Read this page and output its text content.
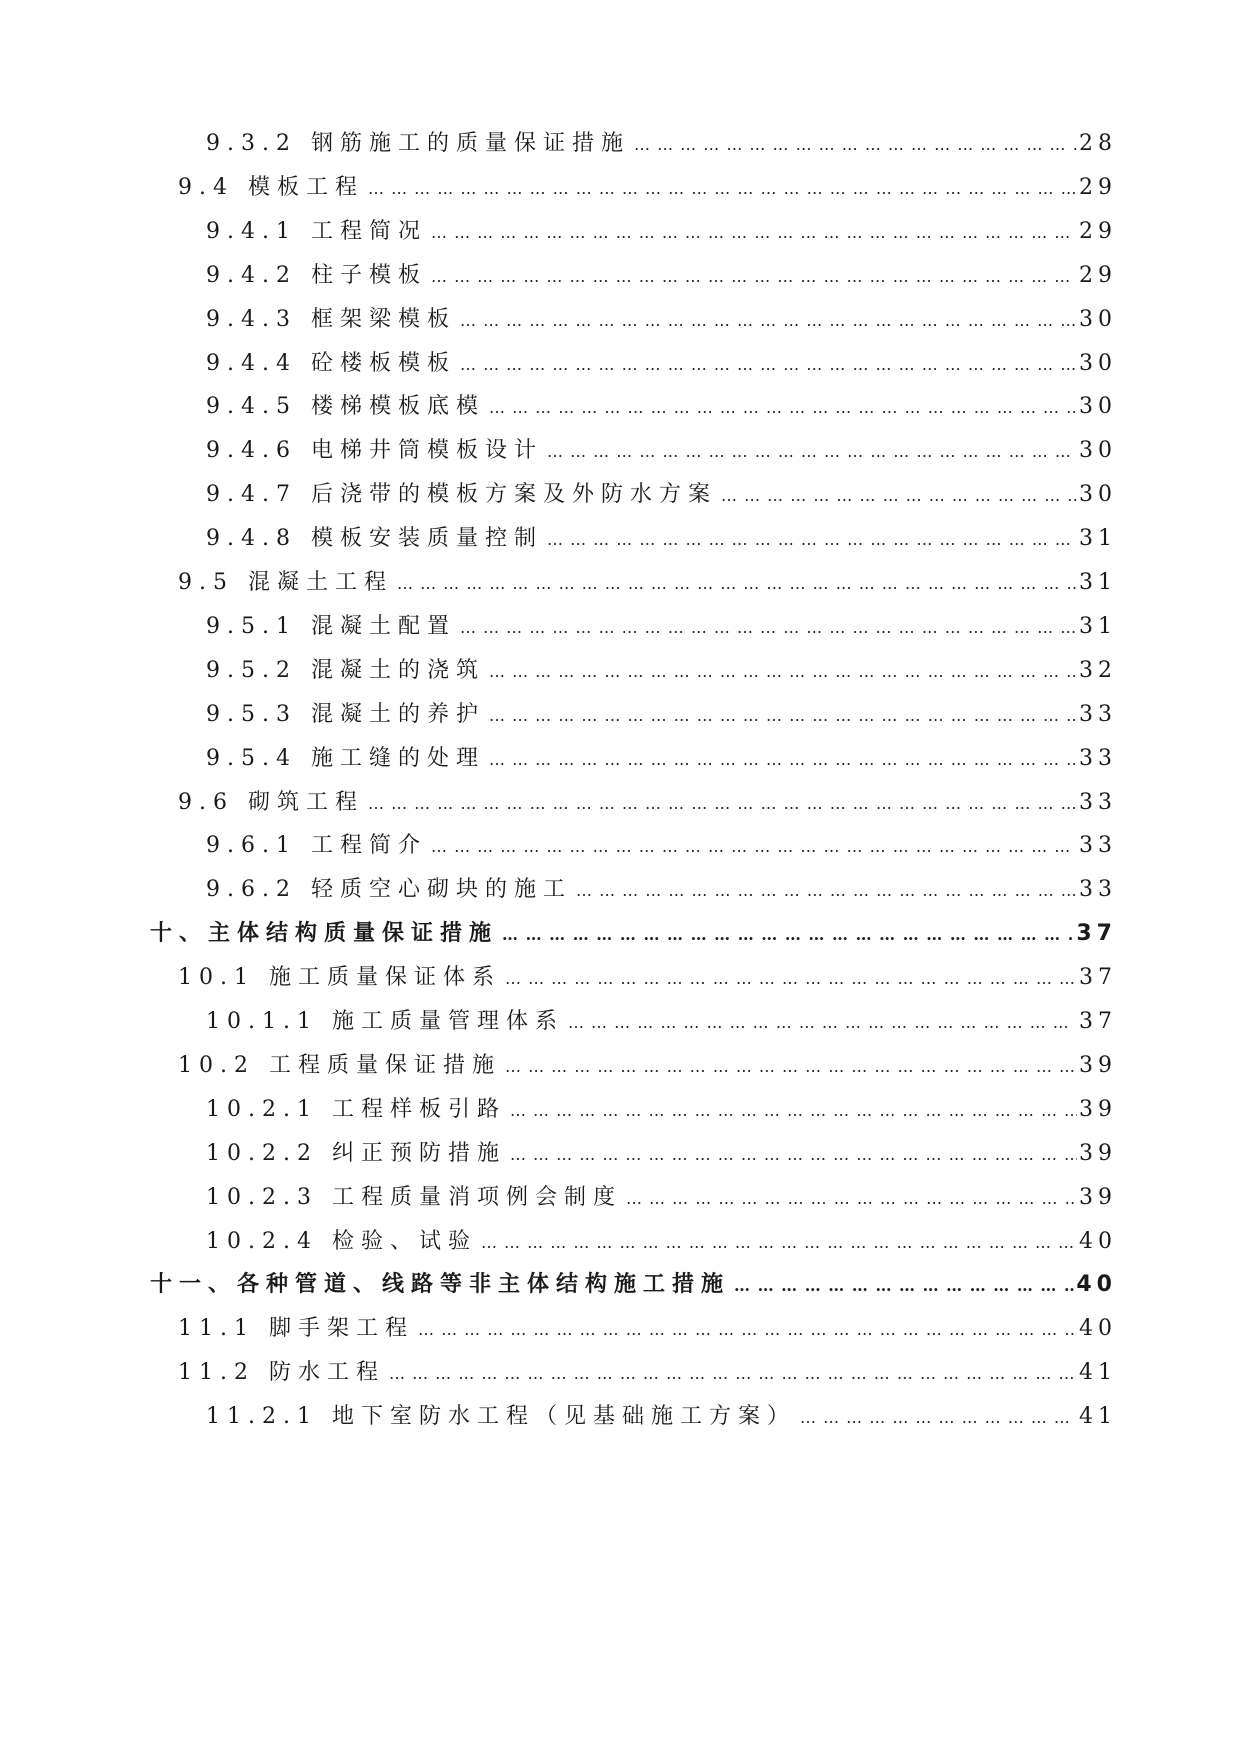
9.3.2 钢筋施工的质量保证措施 … … … … … … … … … … … … … … … … … … … … … … … … … … … … … … … … … … … … … … … … … … … … … … … … … … … … … … … … … … … … … … … … … … … … … … … … … … … … … … … …	28
9.4 模板工程 … … … … … … … … … … … … … … … … … … … … … … … … … … … … … … … … … … … … … … … … … … … … … … … … … … … … … … … … … … … … … … … … … … … … … … … … … … … … … … … …	29
9.4.1 工程简况 … … … … … … … … … … … … … … … … … … … … … … … … … … … … … … … … … … … … … … … … … … … … … … … … … … … … … … … … … … … … … … … … … … … … … … … … … … … … … … … …	29
9.4.2 柱子模板 … … … … … … … … … … … … … … … … … … … … … … … … … … … … … … … … … … … … … … … … … … … … … … … … … … … … … … … … … … … … … … … … … … … … … … … … … … … … … … … …	29
9.4.3 框架梁模板 … … … … … … … … … … … … … … … … … … … … … … … … … … … … … … … … … … … … … … … … … … … … … … … … … … … … … … … … … … … … … … … … … … … … … … … … … … … … … … … …	30
9.4.4 砼楼板模板 … … … … … … … … … … … … … … … … … … … … … … … … … … … … … … … … … … … … … … … … … … … … … … … … … … … … … … … … … … … … … … … … … … … … … … … … … … … … … … … …	30
9.4.5 楼梯模板底模 … … … … … … … … … … … … … … … … … … … … … … … … … … … … … … … … … … … … … … … … … … … … … … … … … … … … … … … … … … … … … … … … … … … … … … … … … … … … … … … …	30
9.4.6 电梯井筒模板设计 … … … … … … … … … … … … … … … … … … … … … … … … … … … … … … … … … … … … … … … … … … … … … … … … … … … … … … … … … … … … … … … … … … … … … … … … … … … … … … … …	30
9.4.7 后浇带的模板方案及外防水方案 … … … … … … … … … … … … … … … … … … … … … … … … … … … … … … … … … … … … … … … … … … … … … … … … … … … … … … … … … … … … … … … … … … … … … … … … … … … … … … … …	30
9.4.8 模板安装质量控制 … … … … … … … … … … … … … … … … … … … … … … … … … … … … … … … … … … … … … … … … … … … … … … … … … … … … … … … … … … … … … … … … … … … … … … … … … … … … … … … …	31
9.5 混凝土工程 … … … … … … … … … … … … … … … … … … … … … … … … … … … … … … … … … … … … … … … … … … … … … … … … … … … … … … … … … … … … … … … … … … … … … … … … … … … … … … … …	31
9.5.1 混凝土配置 … … … … … … … … … … … … … … … … … … … … … … … … … … … … … … … … … … … … … … … … … … … … … … … … … … … … … … … … … … … … … … … … … … … … … … … … … … … … … … … …	31
9.5.2 混凝土的浇筑 … … … … … … … … … … … … … … … … … … … … … … … … … … … … … … … … … … … … … … … … … … … … … … … … … … … … … … … … … … … … … … … … … … … … … … … … … … … … … … … …	32
9.5.3 混凝土的养护 … … … … … … … … … … … … … … … … … … … … … … … … … … … … … … … … … … … … … … … … … … … … … … … … … … … … … … … … … … … … … … … … … … … … … … … … … … … … … … … …	33
9.5.4 施工缝的处理 … … … … … … … … … … … … … … … … … … … … … … … … … … … … … … … … … … … … … … … … … … … … … … … … … … … … … … … … … … … … … … … … … … … … … … … … … … … … … … … …	33
9.6 砌筑工程 … … … … … … … … … … … … … … … … … … … … … … … … … … … … … … … … … … … … … … … … … … … … … … … … … … … … … … … … … … … … … … … … … … … … … … … … … … … … … … … …	33
9.6.1 工程简介 … … … … … … … … … … … … … … … … … … … … … … … … … … … … … … … … … … … … … … … … … … … … … … … … … … … … … … … … … … … … … … … … … … … … … … … … … … … … … … … …	33
9.6.2 轻质空心砌块的施工 … … … … … … … … … … … … … … … … … … … … … … … … … … … … … … … … … … … … … … … … … … … … … … … … … … … … … … … … … … … … … … … … … … … … … … … … … … … … … … … …	33
十、主体结构质量保证措施 … … … … … … … … … … … … … … … … … … … … … … … … … … … … … … … … … … … … … … … … … … … … … … … … … … … … … … … … … … … … … … … … … … … … … … … … … … … … … … … …	37
10.1 施工质量保证体系 … … … … … … … … … … … … … … … … … … … … … … … … … … … … … … … … … … … … … … … … … … … … … … … … … … … … … … … … … … … … … … … … … … … … … … … … … … … … … … … …	37
10.1.1 施工质量管理体系 … … … … … … … … … … … … … … … … … … … … … … … … … … … … … … … … … … … … … … … … … … … … … … … … … … … … … … … … … … … … … … … … … … … … … … … … … … … … … … … …	37
10.2 工程质量保证措施 … … … … … … … … … … … … … … … … … … … … … … … … … … … … … … … … … … … … … … … … … … … … … … … … … … … … … … … … … … … … … … … … … … … … … … … … … … … … … … … …	39
10.2.1 工程样板引路 … … … … … … … … … … … … … … … … … … … … … … … … … … … … … … … … … … … … … … … … … … … … … … … … … … … … … … … … … … … … … … … … … … … … … … … … … … … … … … … …	39
10.2.2 纠正预防措施 … … … … … … … … … … … … … … … … … … … … … … … … … … … … … … … … … … … … … … … … … … … … … … … … … … … … … … … … … … … … … … … … … … … … … … … … … … … … … … … …	39
10.2.3 工程质量消项例会制度 … … … … … … … … … … … … … … … … … … … … … … … … … … … … … … … … … … … … … … … … … … … … … … … … … … … … … … … … … … … … … … … … … … … … … … … … … … … … … … … …	39
10.2.4 检验、试验 … … … … … … … … … … … … … … … … … … … … … … … … … … … … … … … … … … … … … … … … … … … … … … … … … … … … … … … … … … … … … … … … … … … … … … … … … … … … … … … …	40
十一、各种管道、线路等非主体结构施工措施 … … … … … … … … … … … … … … … … … … … … … … … … … … … … … … … … … … … … … … … … … … … … … … … … … … … … … … … … … … … … … … … … … … … … … … … … … … … … … … … …	40
11.1 脚手架工程 … … … … … … … … … … … … … … … … … … … … … … … … … … … … … … … … … … … … … … … … … … … … … … … … … … … … … … … … … … … … … … … … … … … … … … … … … … … … … … … …	40
11.2 防水工程 … … … … … … … … … … … … … … … … … … … … … … … … … … … … … … … … … … … … … … … … … … … … … … … … … … … … … … … … … … … … … … … … … … … … … … … … … … … … … … … …	41
11.2.1 地下室防水工程（见基础施工方案） … … … … … … … … … … … … … … … … … … … … … … … … … … … … … … … … … … … … … … … … … … … … … … … … … … … … … … … … … … … … … … … … … … … … … … … … … … … … … … … …	41
